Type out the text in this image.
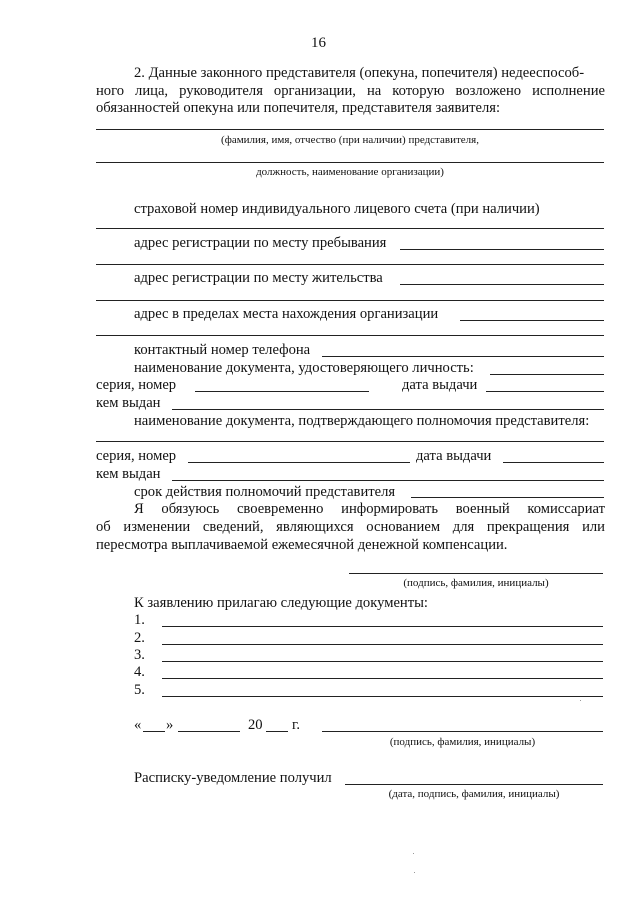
16
2. Данные законного представителя (опекуна, попечителя) недееспособ-
ного лица, руководителя организации, на которую возложено исполнение
обязанностей опекуна или попечителя, представителя заявителя:
(фамилия, имя, отчество (при наличии) представителя,
должность, наименование организации)
страховой номер индивидуального лицевого счета (при наличии)
адрес регистрации по месту пребывания
адрес регистрации по месту жительства
адрес в пределах места нахождения организации
контактный номер телефона
наименование документа, удостоверяющего личность:
серия, номер	дата выдачи
кем выдан
наименование документа, подтверждающего полномочия представителя:
серия, номер	дата выдачи
кем выдан
срок действия полномочий представителя
Я обязуюсь своевременно информировать военный комиссариат
об изменении сведений, являющихся основанием для прекращения или
пересмотра выплачиваемой ежемесячной денежной компенсации.
(подпись, фамилия, инициалы)
К заявлению прилагаю следующие документы:
1.
2.
3.
4.
5.
« »	20 г.
(подпись, фамилия, инициалы)
Расписку-уведомление получил
(дата, подпись, фамилия, инициалы)
